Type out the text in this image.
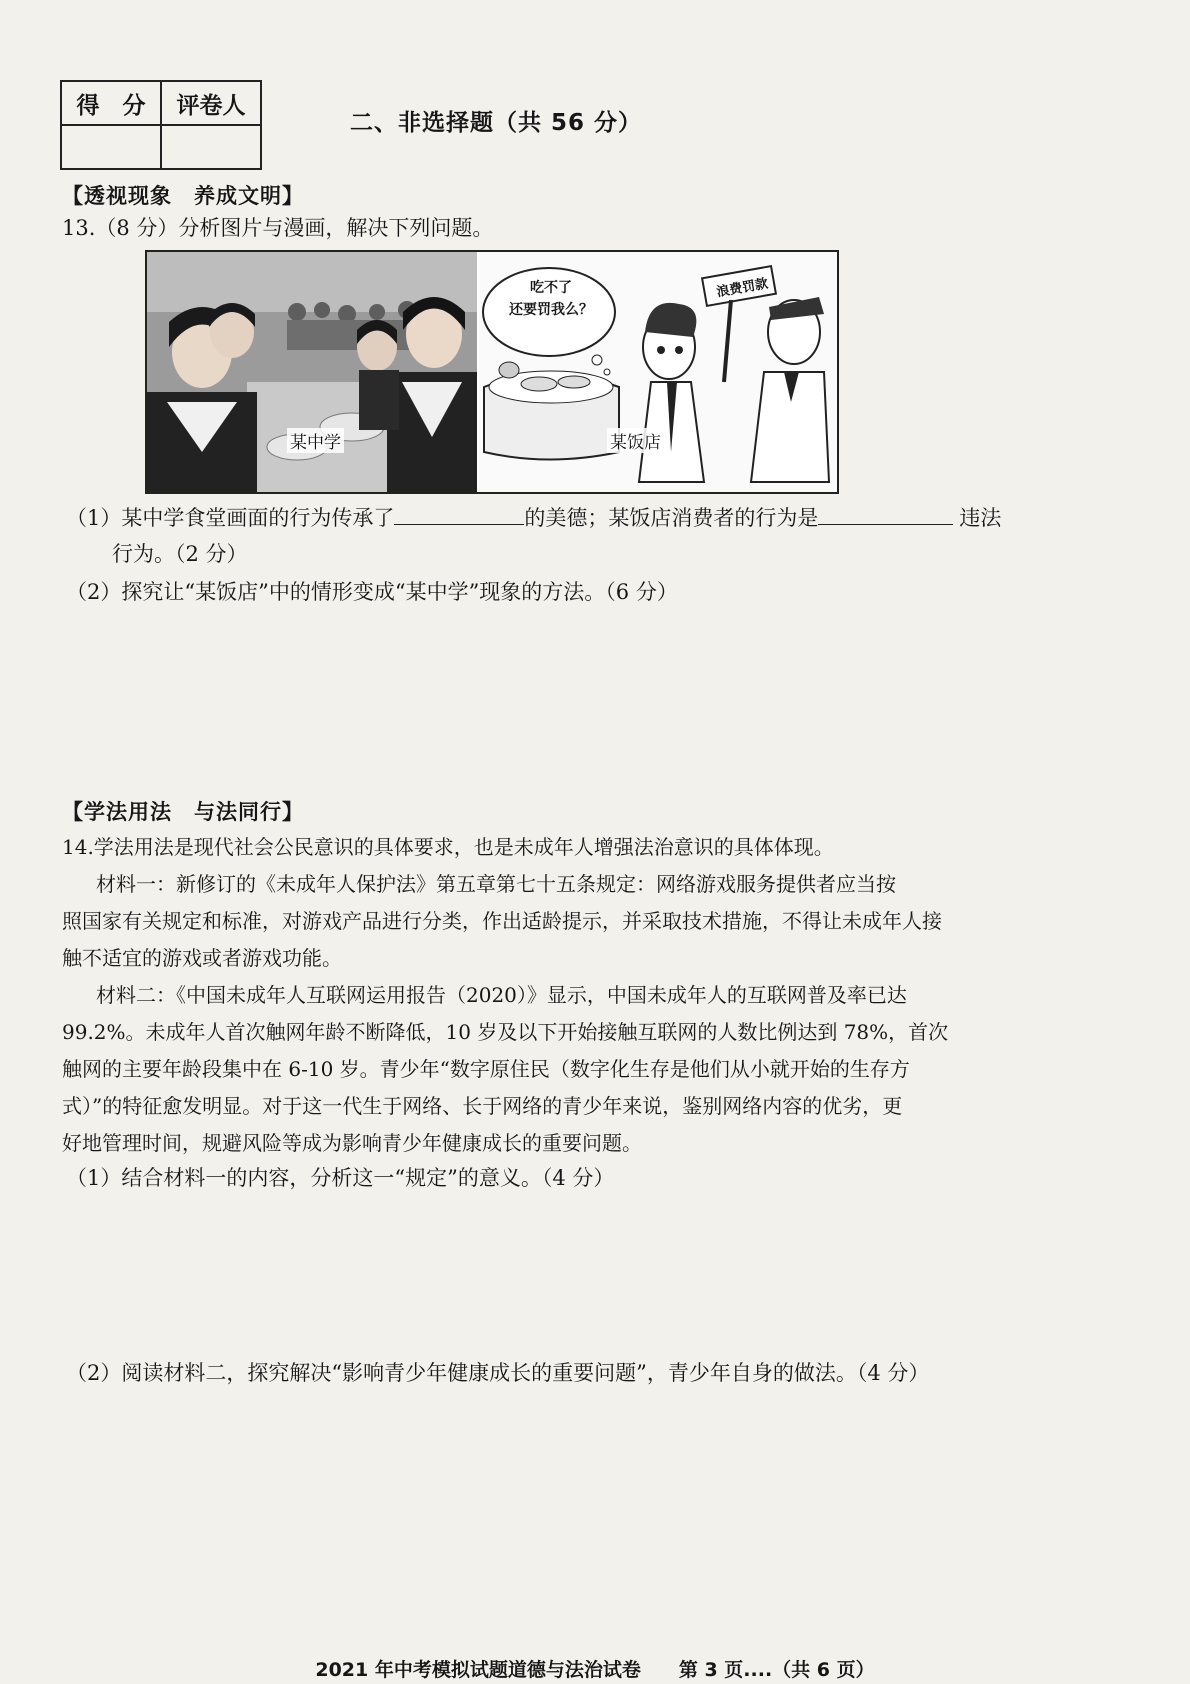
得　分	评卷人

二、非选择题（共 56 分）
【透视现象　养成文明】
13.（8 分）分析图片与漫画，解决下列问题。
某中学
吃不了
还要罚我么？
浪费罚款
某饭店
（1）某中学食堂画面的行为传承了	的美德；某饭店消费者的行为是	违法
行为。（2 分）
（2）探究让“某饭店”中的情形变成“某中学”现象的方法。（6 分）
【学法用法　与法同行】
14.学法用法是现代社会公民意识的具体要求，也是未成年人增强法治意识的具体体现。
材料一：新修订的《未成年人保护法》第五章第七十五条规定：网络游戏服务提供者应当按
照国家有关规定和标准，对游戏产品进行分类，作出适龄提示，并采取技术措施，不得让未成年人接
触不适宜的游戏或者游戏功能。
材料二：《中国未成年人互联网运用报告（2020）》显示，中国未成年人的互联网普及率已达
99.2%。未成年人首次触网年龄不断降低，10 岁及以下开始接触互联网的人数比例达到 78%，首次
触网的主要年龄段集中在 6-10 岁。青少年“数字原住民（数字化生存是他们从小就开始的生存方
式）”的特征愈发明显。对于这一代生于网络、长于网络的青少年来说，鉴别网络内容的优劣，更
好地管理时间，规避风险等成为影响青少年健康成长的重要问题。
（1）结合材料一的内容，分析这一“规定”的意义。（4 分）
（2）阅读材料二，探究解决“影响青少年健康成长的重要问题”，青少年自身的做法。（4 分）
2021 年中考模拟试题道德与法治试卷　　第 3 页....（共 6 页）
